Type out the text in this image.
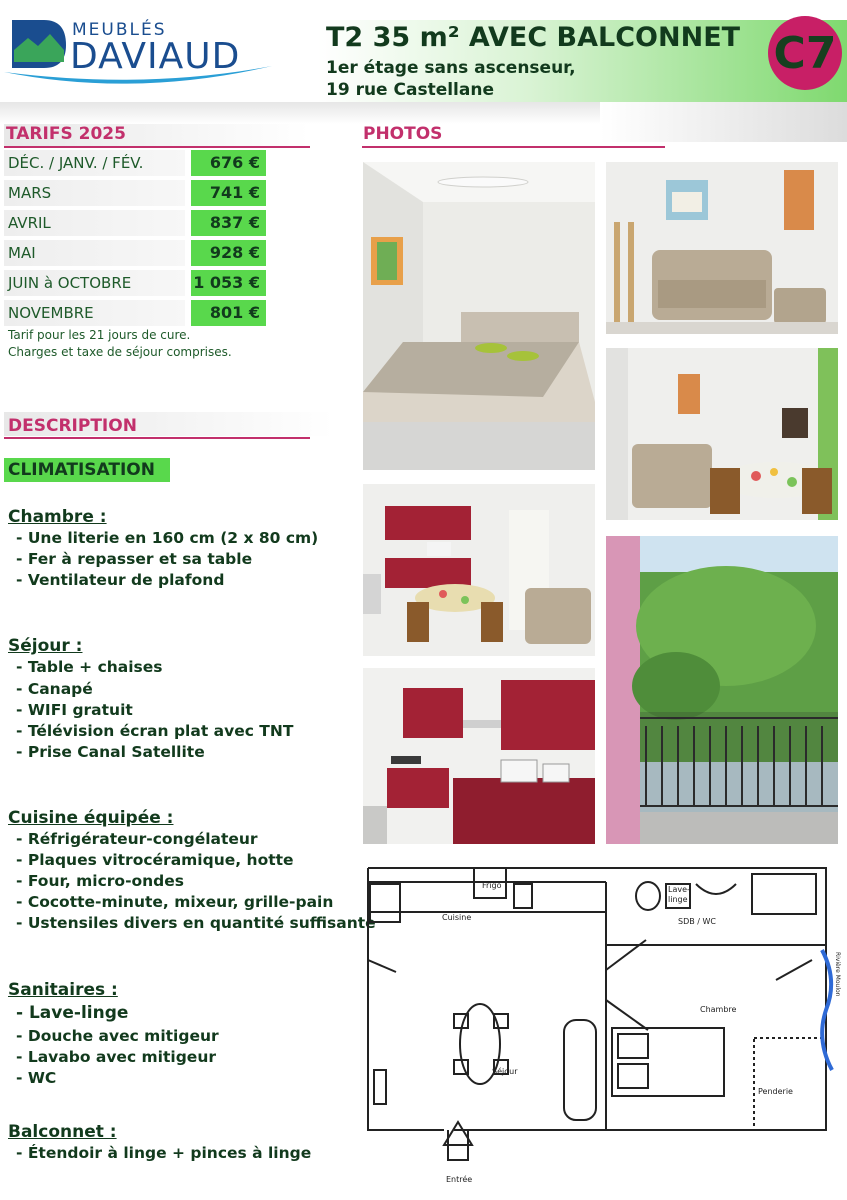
MEUBLÉS
DAVIAUD	T2 35 m² AVEC BALCONNET
1er étage sans ascenseur,
19 rue Castellane
C7
TARIFS 2025
DÉC. / JANV. / FÉV.	676 €
MARS	741 €
AVRIL	837 €
MAI	928 €
JUIN à OCTOBRE	1 053 €
NOVEMBRE	801 €
Tarif pour les 21 jours de cure.
Charges et taxe de séjour comprises.
DESCRIPTION
CLIMATISATION
Chambre :
- Une literie en 160 cm (2 x 80 cm)
- Fer à repasser et sa table
- Ventilateur de plafond
Séjour :
- Table + chaises
- Canapé
- WIFI gratuit
- Télévision écran plat avec TNT
- Prise Canal Satellite
Cuisine équipée :
- Réfrigérateur-congélateur
- Plaques vitrocéramique, hotte
- Four, micro-ondes
- Cocotte-minute, mixeur, grille-pain
- Ustensiles divers en quantité suffisante
Sanitaires :
- Lave-linge
- Douche avec mitigeur
- Lavabo avec mitigeur
- WC
Balconnet :
- Étendoir à linge + pinces à linge
PHOTOS
Frigo
Cuisine
Lave-
linge
SDB / WC
Chambre
Séjour
Penderie
Entrée
Rivière Moulon
